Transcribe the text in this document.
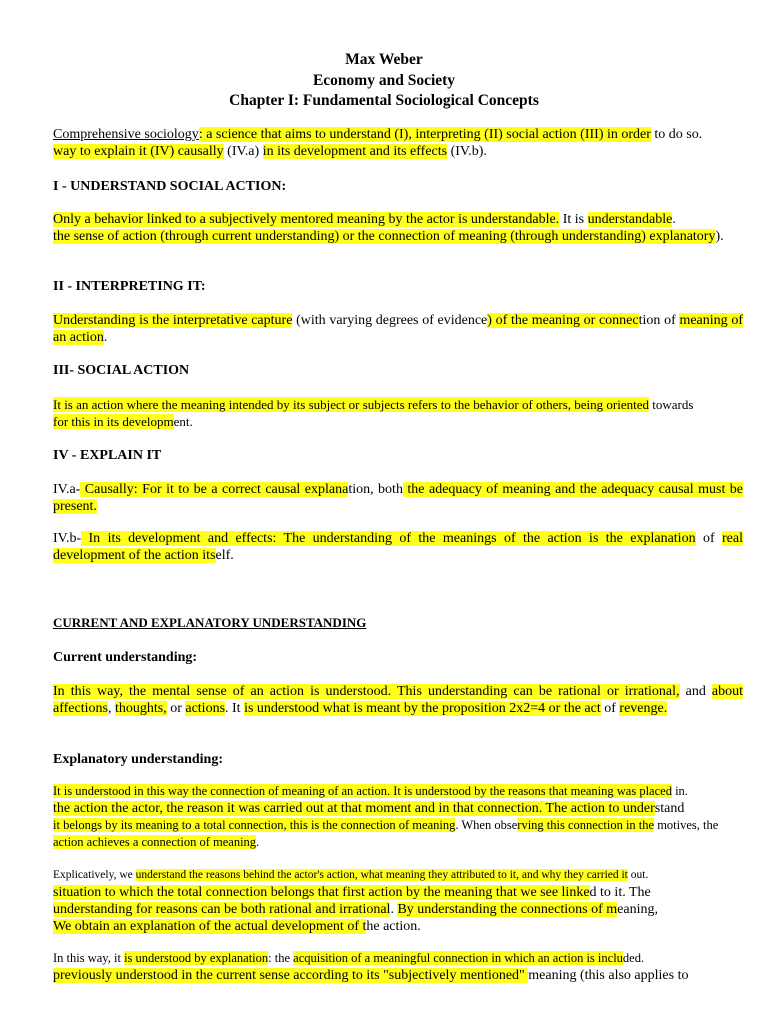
Max Weber
Economy and Society
Chapter I: Fundamental Sociological Concepts
Comprehensive sociology: a science that aims to understand (I), interpreting (II) social action (III) in order to do so.
way to explain it (IV) causally (IV.a) in its development and its effects (IV.b).
I - UNDERSTAND SOCIAL ACTION:
Only a behavior linked to a subjectively mentored meaning by the actor is understandable. It is understandable.
the sense of action (through current understanding) or the connection of meaning (through understanding) explanatory).
II - INTERPRETING IT:
Understanding is the interpretative capture (with varying degrees of evidence) of the meaning or connection of meaning of an action.
III- SOCIAL ACTION
It is an action where the meaning intended by its subject or subjects refers to the behavior of others, being oriented towards
for this in its development.
IV - EXPLAIN IT
IV.a- Causally: For it to be a correct causal explanation, both the adequacy of meaning and the adequacy causal must be present.
IV.b- In its development and effects: The understanding of the meanings of the action is the explanation of real development of the action itself.
CURRENT AND EXPLANATORY UNDERSTANDING
Current understanding:
In this way, the mental sense of an action is understood. This understanding can be rational or irrational, and about affections, thoughts, or actions. It is understood what is meant by the proposition 2x2=4 or the act of revenge.
Explanatory understanding:
It is understood in this way the connection of meaning of an action. It is understood by the reasons that meaning was placed in.
the action the actor, the reason it was carried out at that moment and in that connection. The action to understand
it belongs by its meaning to a total connection, this is the connection of meaning. When observing this connection in the motives, the
action achieves a connection of meaning.
Explicatively, we understand the reasons behind the actor's action, what meaning they attributed to it, and why they carried it out.
situation to which the total connection belongs that first action by the meaning that we see linked to it. The
understanding for reasons can be both rational and irrational. By understanding the connections of meaning,
We obtain an explanation of the actual development of the action.
In this way, it is understood by explanation: the acquisition of a meaningful connection in which an action is included.
previously understood in the current sense according to its "subjectively mentioned" meaning (this also applies to
